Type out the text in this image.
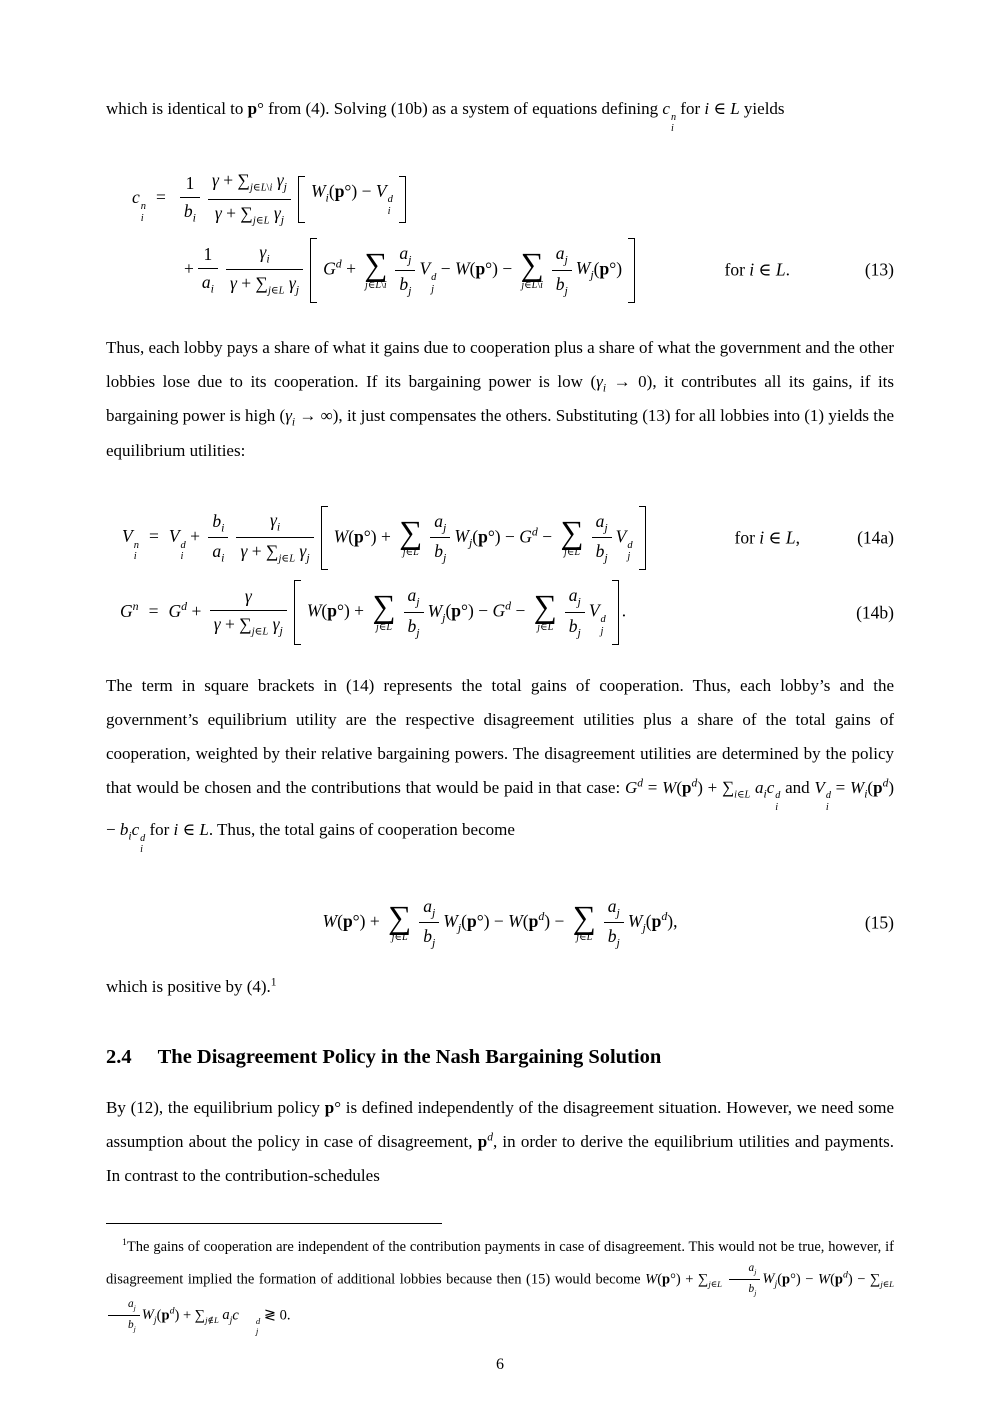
which is identical to p° from (4). Solving (10b) as a system of equations defining c n
i
for i ∈ L yields

c n
i
= $\frac{1}{b_i} \frac{\gamma + \sum_{j\in L\backslash i} \gamma_j}{\gamma + \sum_{j\in L} \gamma_j} W_i(p^\circ) - V$ d
i
+ $\frac{1}{a_i} \frac{\gamma_i}{\gamma + \sum_{j\in L} \gamma_j} G^d$ + ∑
j∈L\i $\frac{a_j}{b_j}$ V d
j
− W(p°) − ∑
j∈L\i $\frac{a_j}{b_j} W_j(p^\circ)$	for i ∈ L.	(13)

Thus, each lobby pays a share of what it gains due to cooperation plus a share of what the government and the other lobbies lose due to its cooperation. If its bargaining power is low $(\gamma_i \to 0)$, it contributes all its gains, if its bargaining power is high ($\gamma_i$ → ∞), it just compensates the others. Substituting (13) for all lobbies into (1) yields the equilibrium utilities:

V n
i
= V d
i
+ $\frac{b_i}{a_i} \frac{\gamma_i}{\gamma + \sum_{j\in L} \gamma_j} W(p^\circ)$ + ∑
j∈L $\frac{a_j}{b_j} W_j(p^\circ) - G^d$ − ∑
j∈L $\frac{a_j}{b_j}$ V d
j
for i ∈ L,	(14a)
$G^n = G^d + \frac{\gamma}{\gamma + \sum_{j\in L} \gamma_j} W(p^\circ)$ + ∑
j∈L $\frac{a_j}{b_j} W_j(p^\circ) - G^d$ − ∑
j∈L $\frac{a_j}{b_j}$ V d
j
.	(14b)

The term in square brackets in (14) represents the total gains of cooperation. Thus, each lobby’s and the government’s equilibrium utility are the respective disagreement utilities plus a share of the total gains of cooperation, weighted by their relative bargaining powers. The disagreement utilities are determined by the policy that would be chosen and the contributions that would be paid in that case: $G^d = W(p^d) + \sum_{i\in L}$ $a_ic$ d
i
and V d
i
= $W_i(p^d) - b_ic$ d
i
for i ∈ L. Thus, the total gains of cooperation become

W(p°) + ∑
j∈L $\frac{a_j}{b_j} W_j(p^\circ) - W(p^d)$ − ∑
j∈L $\frac{a_j}{b_j} W_j(p^d)$,	(15)

which is positive by (4).$^1$

2.4 The Disagreement Policy in the Nash Bargaining Solution

By (12), the equilibrium policy p° is defined independently of the disagreement situation. However, we need some assumption about the policy in case of disagreement, $p^d$, in order to derive the equilibrium utilities and payments. In contrast to the contribution-schedules

$^1$The gains of cooperation are independent of the contribution payments in case of disagreement. This would not be true, however, if disagreement implied the formation of additional lobbies because then (15) would become $W(p^\circ) + \sum_{j\in L} \frac{a_j}{b_j} W_j(p^\circ) - W(p^d) - \sum_{j\in L}$
$\frac{a_j}{b_j} W_j(p^d) + \sum_{j\notin L}$ $a_jc$	d
j
≷ 0.

6
